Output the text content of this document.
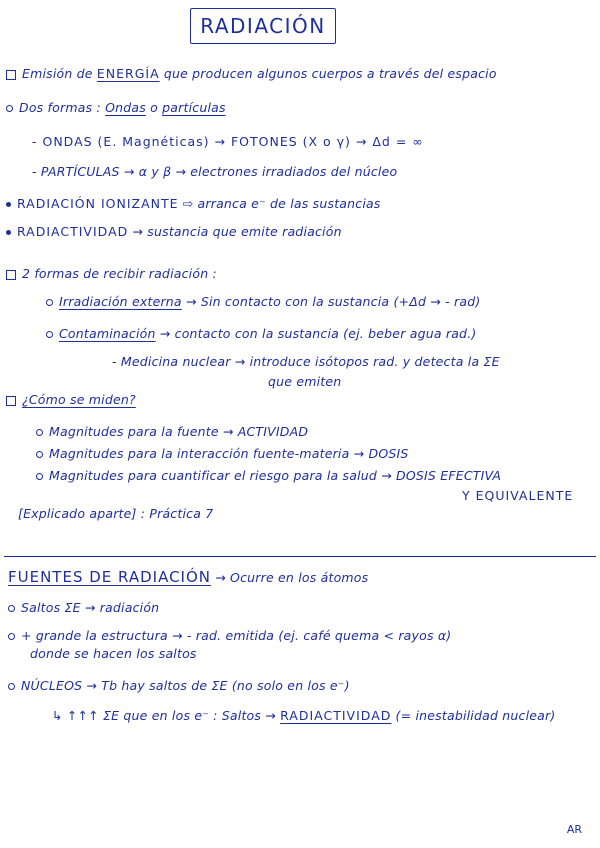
RADIACIÓN
Emisión de ENERGÍA que producen algunos cuerpos a través del espacio
Dos formas : Ondas o partículas
- ONDAS (E. Magnéticas) → FOTONES (X o γ) → Δd = ∞
- PARTÍCULAS → α y β → electrones irradiados del núcleo
RADIACIÓN IONIZANTE ⇨ arranca e⁻ de las sustancias
RADIACTIVIDAD → sustancia que emite radiación
2 formas de recibir radiación :
Irradiación externa → Sin contacto con la sustancia (+Δd → - rad)
Contaminación → contacto con la sustancia (ej. beber agua rad.)
- Medicina nuclear → introduce isótopos rad. y detecta la ΣE
que emiten
¿Cómo se miden?
Magnitudes para la fuente → ACTIVIDAD
Magnitudes para la interacción fuente-materia → DOSIS
Magnitudes para cuantificar el riesgo para la salud → DOSIS EFECTIVA
Y EQUIVALENTE
[Explicado aparte] : Práctica 7
FUENTES DE RADIACIÓN → Ocurre en los átomos
Saltos ΣE → radiación
+ grande la estructura → - rad. emitida (ej. café quema < rayos α)
donde se hacen los saltos
NÚCLEOS → Tb hay saltos de ΣE (no solo en los e⁻)
↳ ↑↑↑ ΣE que en los e⁻ : Saltos → RADIACTIVIDAD (= inestabilidad nuclear)
AR
